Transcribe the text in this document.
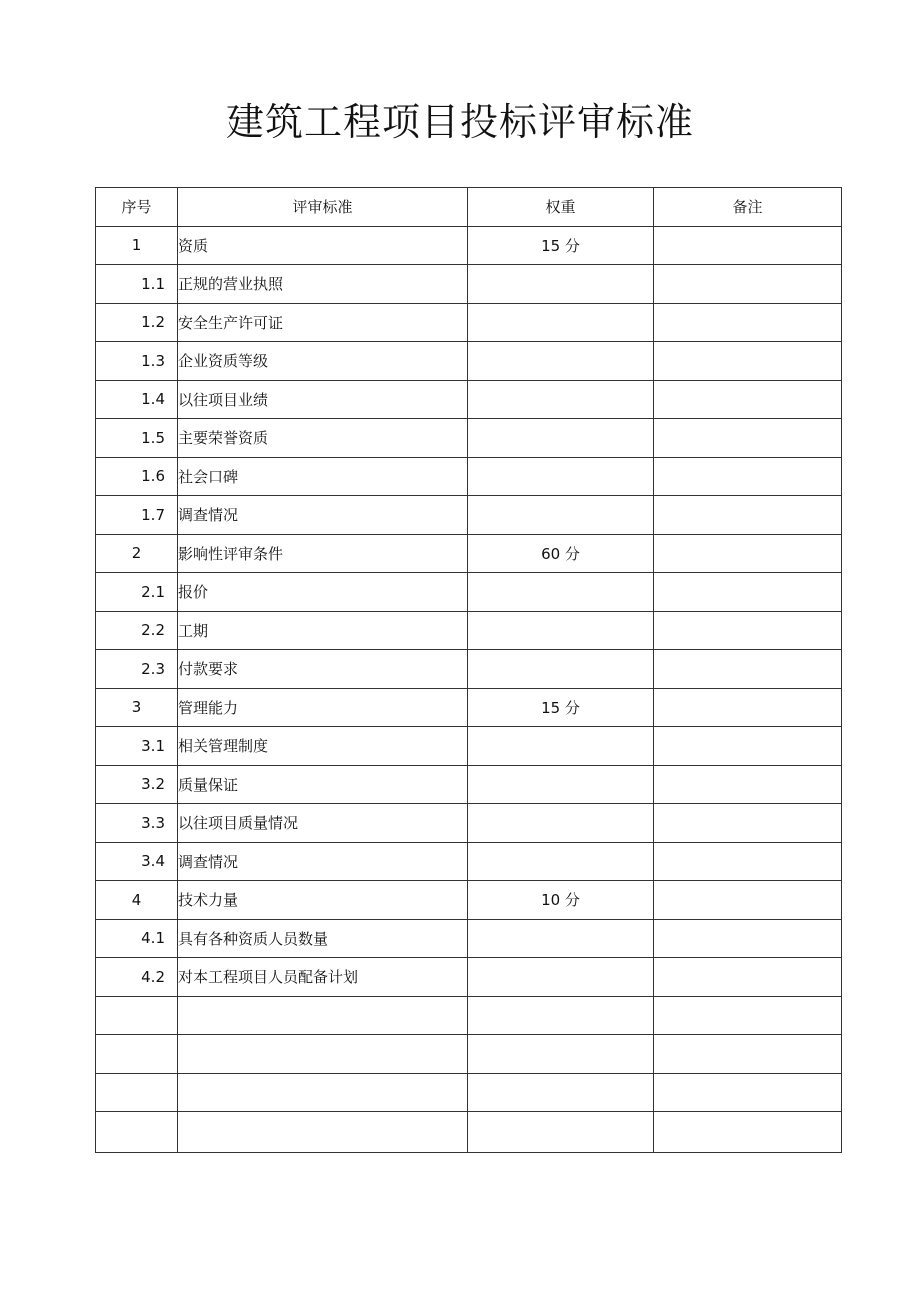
建筑工程项目投标评审标准
序号	评审标准	权重	备注
1	资质	15 分	
1.1	正规的营业执照		
1.2	安全生产许可证		
1.3	企业资质等级		
1.4	以往项目业绩		
1.5	主要荣誉资质		
1.6	社会口碑		
1.7	调查情况		
2	影响性评审条件	60 分	
2.1	报价		
2.2	工期		
2.3	付款要求		
3	管理能力	15 分	
3.1	相关管理制度		
3.2	质量保证		
3.3	以往项目质量情况		
3.4	调查情况		
4	技术力量	10 分	
4.1	具有各种资质人员数量		
4.2	对本工程项目人员配备计划		
